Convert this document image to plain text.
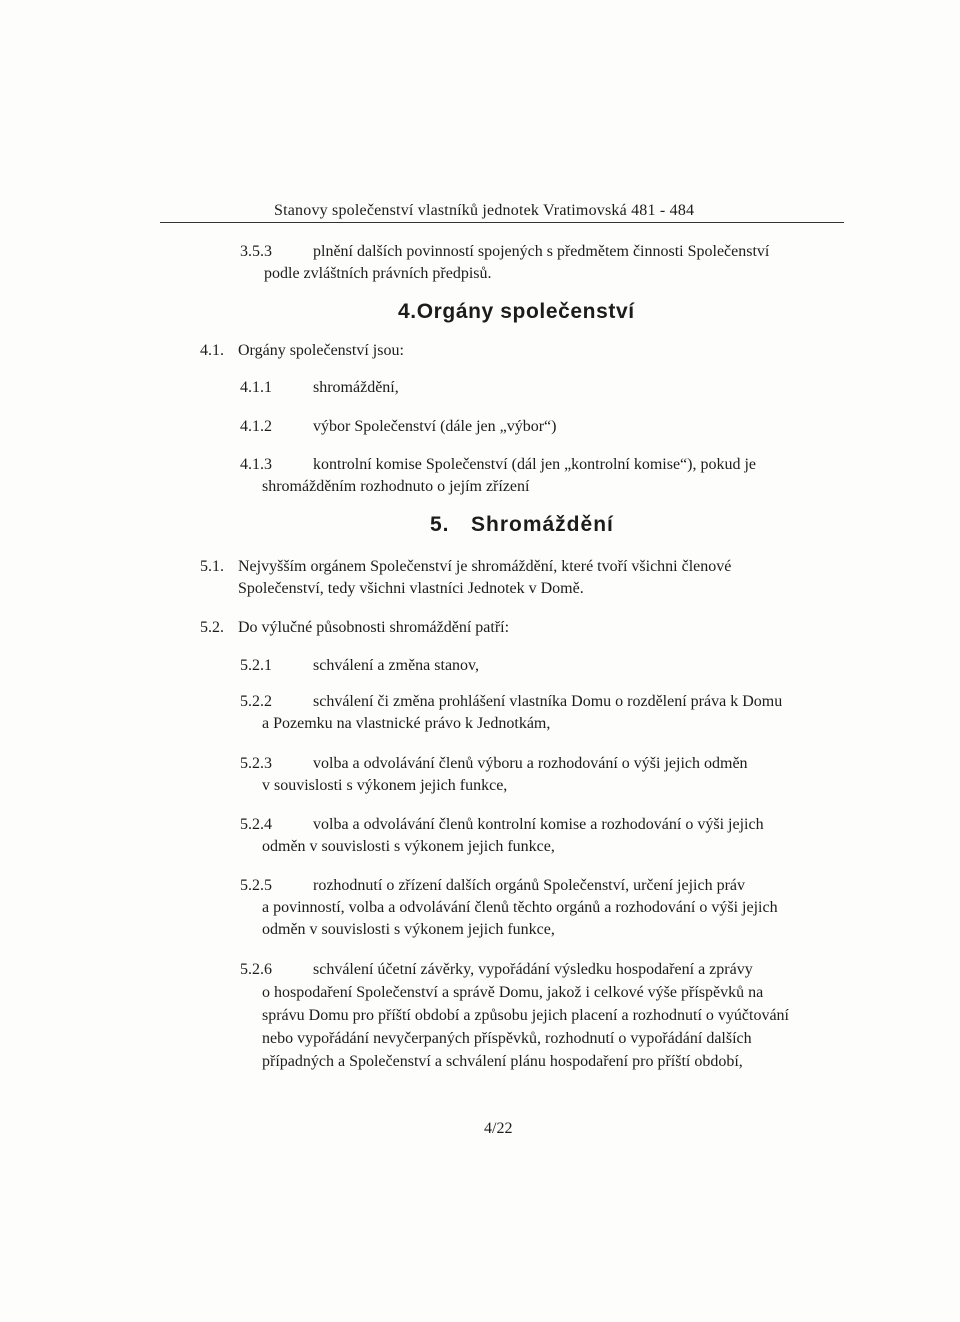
Stanovy společenství vlastníků jednotek Vratimovská 481 - 484
3.5.3	plnění dalších povinností spojených s předmětem činnosti Společenství
podle zvláštních právních předpisů.
4.Orgány společenství
4.1. Orgány společenství jsou:
4.1.1	shromáždění,
4.1.2	výbor Společenství (dále jen „výbor“)
4.1.3	kontrolní komise Společenství (dál jen „kontrolní komise“), pokud je
shromážděním rozhodnuto o jejím zřízení
5. Shromáždění
5.1. Nejvyšším orgánem Společenství je shromáždění, které tvoří všichni členové
Společenství, tedy všichni vlastníci Jednotek v Domě.
5.2. Do výlučné působnosti shromáždění patří:
5.2.1	schválení a změna stanov,
5.2.2	schválení či změna prohlášení vlastníka Domu o rozdělení práva k Domu
a Pozemku na vlastnické právo k Jednotkám,
5.2.3	volba a odvolávání členů výboru a rozhodování o výši jejich odměn
v souvislosti s výkonem jejich funkce,
5.2.4	volba a odvolávání členů kontrolní komise a rozhodování o výši jejich
odměn v souvislosti s výkonem jejich funkce,
5.2.5	rozhodnutí o zřízení dalších orgánů Společenství, určení jejich práv
a povinností, volba a odvolávání členů těchto orgánů a rozhodování o výši jejich
odměn v souvislosti s výkonem jejich funkce,
5.2.6	schválení účetní závěrky, vypořádání výsledku hospodaření a zprávy
o hospodaření Společenství a správě Domu, jakož i celkové výše příspěvků na
správu Domu pro příští období a způsobu jejich placení a rozhodnutí o vyúčtování
nebo vypořádání nevyčerpaných příspěvků, rozhodnutí o vypořádání dalších
případných a Společenství a schválení plánu hospodaření pro příští období,
4/22
